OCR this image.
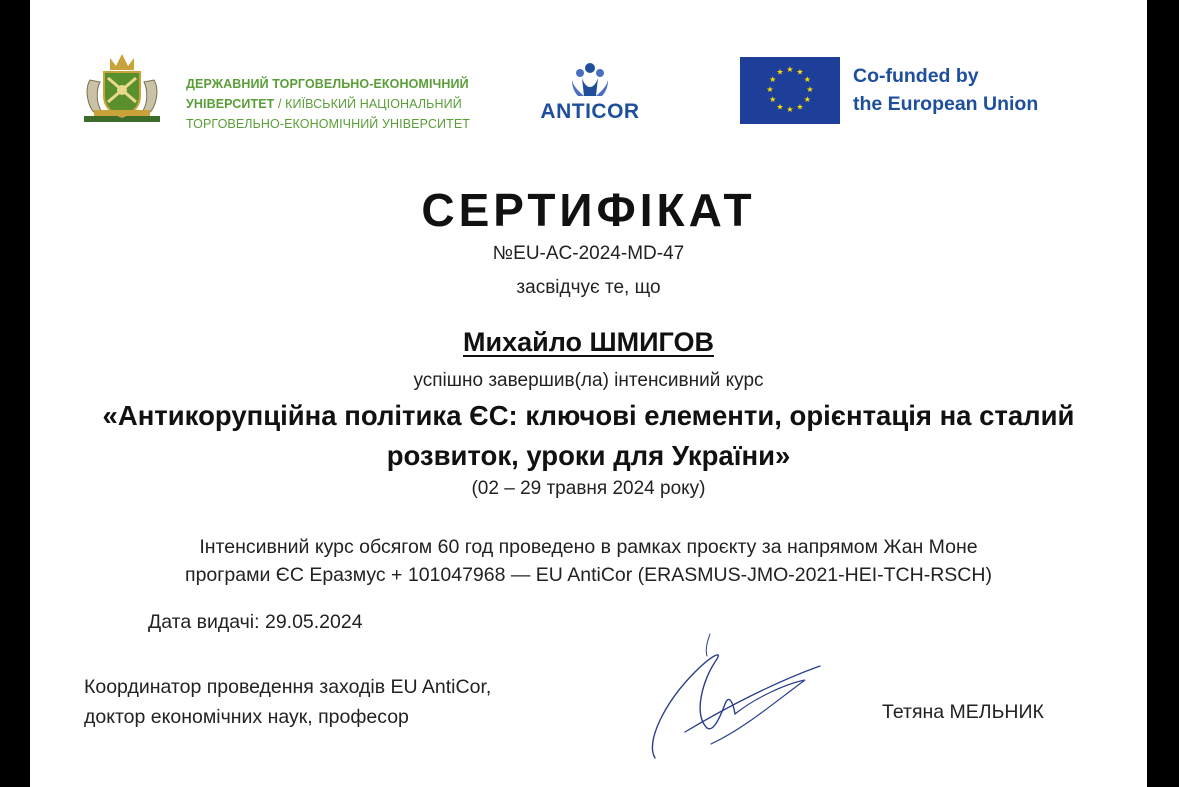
ДЕРЖАВНИЙ ТОРГОВЕЛЬНО-ЕКОНОМІЧНИЙ
УНІВЕРСИТЕТ / КИЇВСЬКИЙ НАЦІОНАЛЬНИЙ
ТОРГОВЕЛЬНО-ЕКОНОМІЧНИЙ УНІВЕРСИТЕТ
ANTICOR
★ ★
★
★
★
★
★
★
★
★
★
★	Co-funded by
the European Union
СЕРТИФІКАТ
№EU-AC-2024-MD-47
засвідчує те, що
Михайло ШМИГОВ
успішно завершив(ла) інтенсивний курс
«Антикорупційна політика ЄС: ключові елементи, орієнтація на сталий
розвиток, уроки для України»
(02 – 29 травня 2024 року)
Інтенсивний курс обсягом 60 год проведено в рамках проєкту за напрямом Жан Моне
програми ЄС Еразмус + 101047968 — EU AntiCor (ERASMUS-JMO-2021-HEI-TCH-RSCH)
Дата видачі: 29.05.2024
Координатор проведення заходів EU AntiCor,
доктор економічних наук, професор	Тетяна МЕЛЬНИК
